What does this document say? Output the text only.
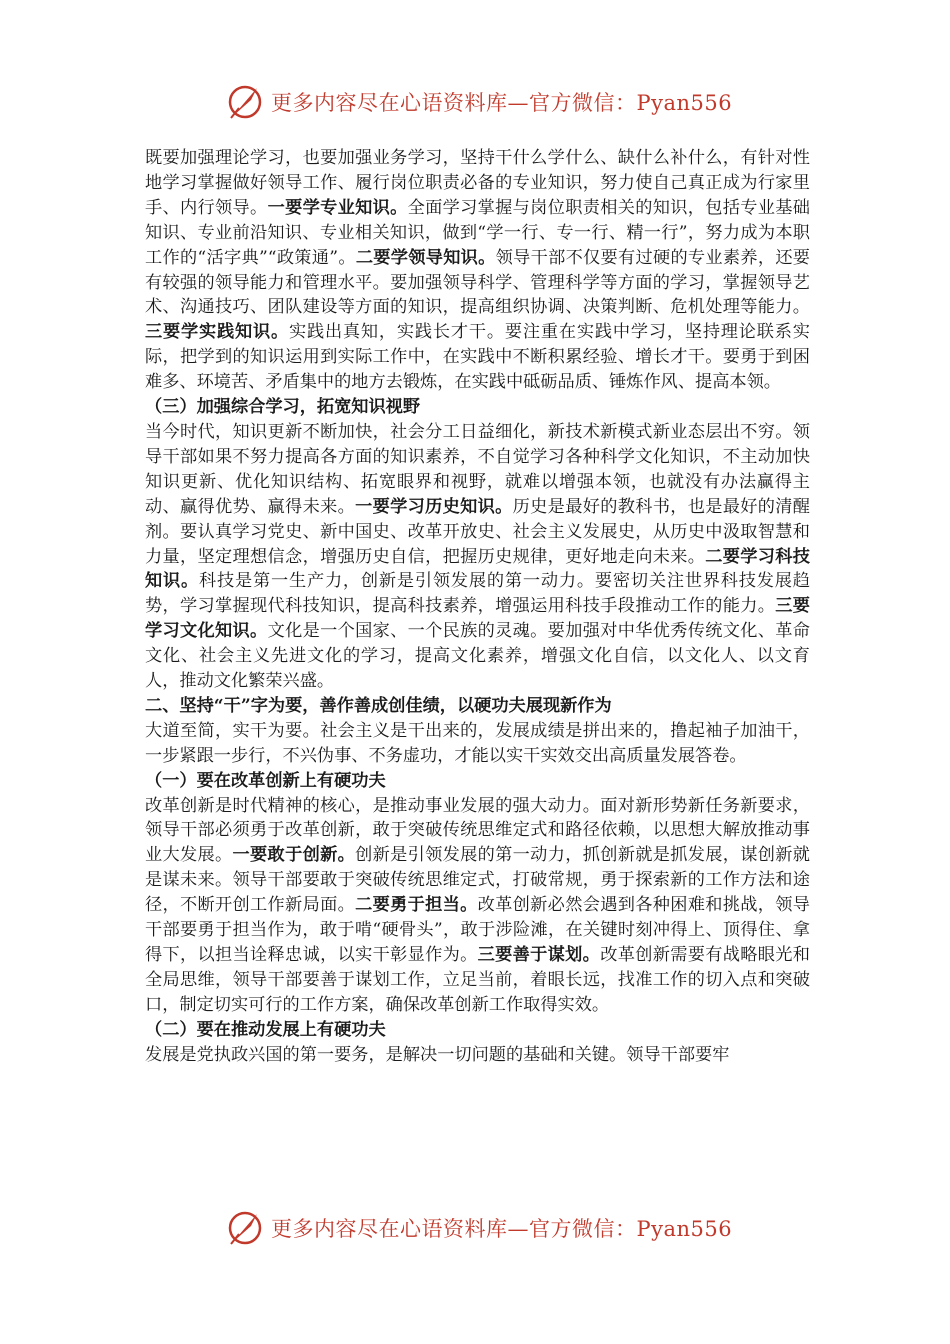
更多内容尽在心语资料库—官方微信：Pyan556

既要加强理论学习，也要加强业务学习，坚持干什么学什么、缺什么补什么，有针对性地学习掌握做好领导工作、履行岗位职责必备的专业知识，努力使自己真正成为行家里手、内行领导。一要学专业知识。全面学习掌握与岗位职责相关的知识，包括专业基础知识、专业前沿知识、专业相关知识，做到“学一行、专一行、精一行”，努力成为本职工作的“活字典”“政策通”。二要学领导知识。领导干部不仅要有过硬的专业素养，还要有较强的领导能力和管理水平。要加强领导科学、管理科学等方面的学习，掌握领导艺术、沟通技巧、团队建设等方面的知识，提高组织协调、决策判断、危机处理等能力。三要学实践知识。实践出真知，实践长才干。要注重在实践中学习，坚持理论联系实际，把学到的知识运用到实际工作中，在实践中不断积累经验、增长才干。要勇于到困难多、环境苦、矛盾集中的地方去锻炼，在实践中砥砺品质、锤炼作风、提高本领。

（三）加强综合学习，拓宽知识视野

当今时代，知识更新不断加快，社会分工日益细化，新技术新模式新业态层出不穷。领导干部如果不努力提高各方面的知识素养，不自觉学习各种科学文化知识，不主动加快知识更新、优化知识结构、拓宽眼界和视野，就难以增强本领，也就没有办法赢得主动、赢得优势、赢得未来。一要学习历史知识。历史是最好的教科书，也是最好的清醒剂。要认真学习党史、新中国史、改革开放史、社会主义发展史，从历史中汲取智慧和力量，坚定理想信念，增强历史自信，把握历史规律，更好地走向未来。二要学习科技知识。科技是第一生产力，创新是引领发展的第一动力。要密切关注世界科技发展趋势，学习掌握现代科技知识，提高科技素养，增强运用科技手段推动工作的能力。三要学习文化知识。文化是一个国家、一个民族的灵魂。要加强对中华优秀传统文化、革命文化、社会主义先进文化的学习，提高文化素养，增强文化自信，以文化人、以文育人，推动文化繁荣兴盛。

二、坚持“干”字为要，善作善成创佳绩，以硬功夫展现新作为

大道至简，实干为要。社会主义是干出来的，发展成绩是拼出来的，撸起袖子加油干，一步紧跟一步行，不兴伪事、不务虚功，才能以实干实效交出高质量发展答卷。

（一）要在改革创新上有硬功夫

改革创新是时代精神的核心，是推动事业发展的强大动力。面对新形势新任务新要求，领导干部必须勇于改革创新，敢于突破传统思维定式和路径依赖，以思想大解放推动事业大发展。一要敢于创新。创新是引领发展的第一动力，抓创新就是抓发展，谋创新就是谋未来。领导干部要敢于突破传统思维定式，打破常规，勇于探索新的工作方法和途径，不断开创工作新局面。二要勇于担当。改革创新必然会遇到各种困难和挑战，领导干部要勇于担当作为，敢于啃“硬骨头”，敢于涉险滩，在关键时刻冲得上、顶得住、拿得下，以担当诠释忠诚，以实干彰显作为。三要善于谋划。改革创新需要有战略眼光和全局思维，领导干部要善于谋划工作，立足当前，着眼长远，找准工作的切入点和突破口，制定切实可行的工作方案，确保改革创新工作取得实效。

（二）要在推动发展上有硬功夫

发展是党执政兴国的第一要务，是解决一切问题的基础和关键。领导干部要牢

更多内容尽在心语资料库—官方微信：Pyan556
